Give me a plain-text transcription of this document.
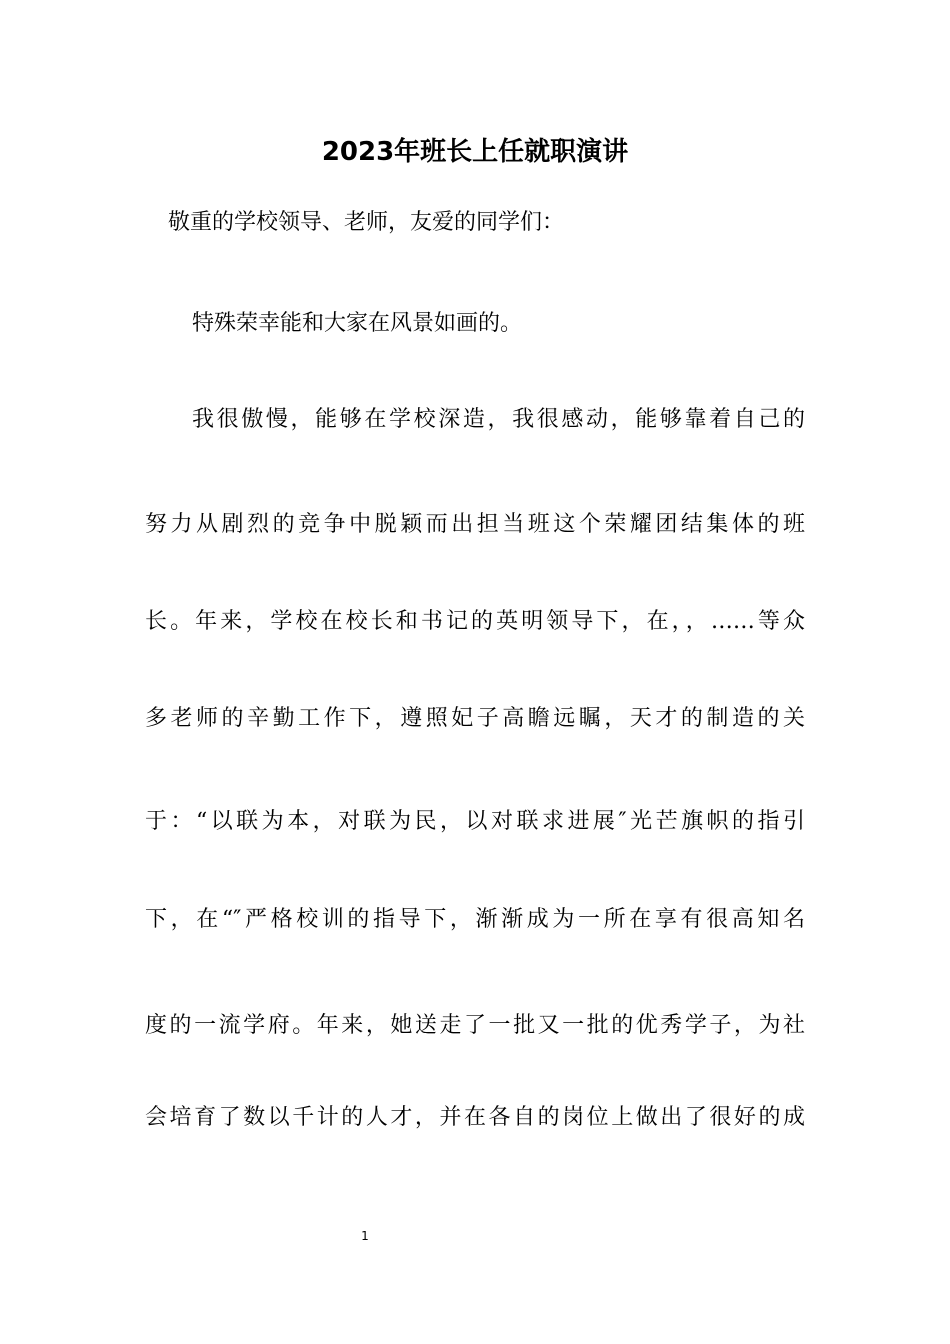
2023年班长上任就职演讲
敬重的学校领导、老师，友爱的同学们：
特殊荣幸能和大家在风景如画的。
我很傲慢，能够在学校深造，我很感动，能够靠着自己的
努力从剧烈的竞争中脱颖而出担当班这个荣耀团结集体的班
长。年来，学校在校长和书记的英明领导下，在，，……等众
多老师的辛勤工作下，遵照妃子高瞻远瞩，天才的制造的关
于：“以联为本，对联为民，以对联求进展″光芒旗帜的指引
下，在“″严格校训的指导下，渐渐成为一所在享有很高知名
度的一流学府。年来，她送走了一批又一批的优秀学子，为社
会培育了数以千计的人才，并在各自的岗位上做出了很好的成
1
